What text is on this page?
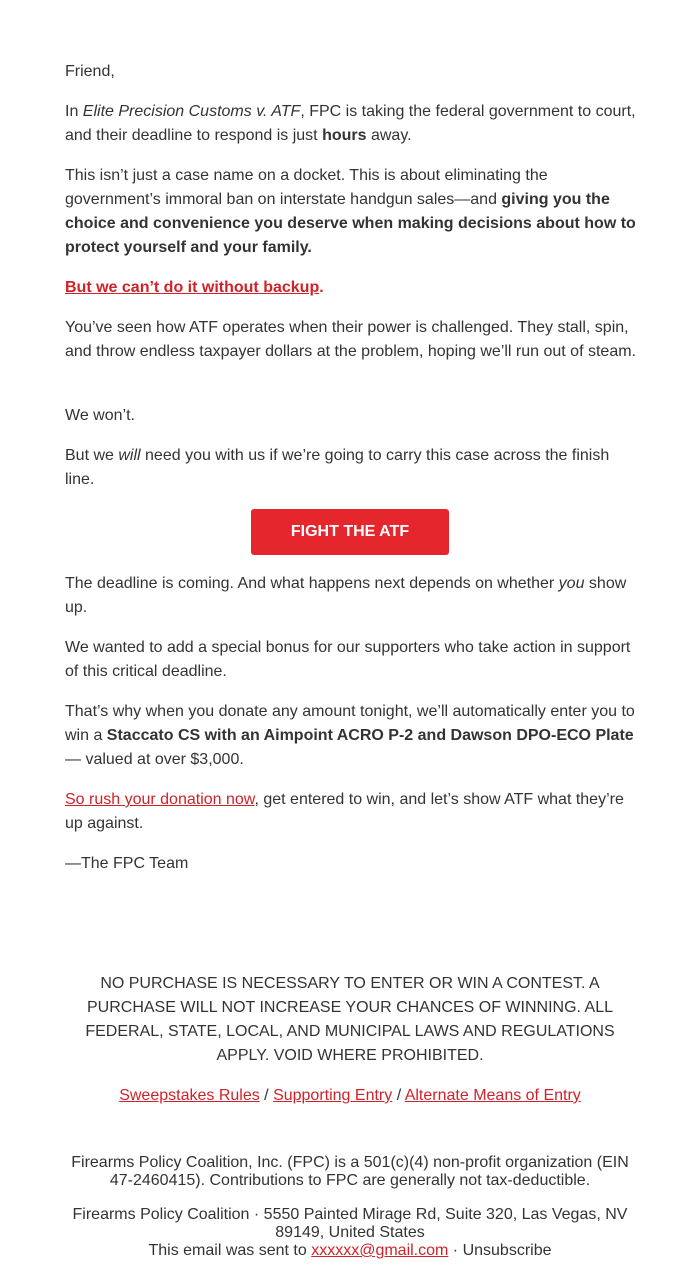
Friend,

In Elite Precision Customs v. ATF, FPC is taking the federal government to court, and their deadline to respond is just hours away.

This isn’t just a case name on a docket. This is about eliminating the government’s immoral ban on interstate handgun sales—and giving you the choice and convenience you deserve when making decisions about how to protect yourself and your family.

But we can’t do it without backup.

You’ve seen how ATF operates when their power is challenged. They stall, spin, and throw endless taxpayer dollars at the problem, hoping we’ll run out of steam.

We won’t.

But we will need you with us if we’re going to carry this case across the finish line.

The deadline is coming. And what happens next depends on whether you show up.

We wanted to add a special bonus for our supporters who take action in support of this critical deadline.

That’s why when you donate any amount tonight, we’ll automatically enter you to win a Staccato CS with an Aimpoint ACRO P-2 and Dawson DPO-ECO Plate — valued at over $3,000.

So rush your donation now, get entered to win, and let’s show ATF what they’re up against.

—The FPC Team

FIGHT THE ATF
NO PURCHASE IS NECESSARY TO ENTER OR WIN A CONTEST. A PURCHASE WILL NOT INCREASE YOUR CHANCES OF WINNING. ALL FEDERAL, STATE, LOCAL, AND MUNICIPAL LAWS AND REGULATIONS APPLY. VOID WHERE PROHIBITED.
Sweepstakes Rules / Supporting Entry / Alternate Means of Entry
Firearms Policy Coalition, Inc. (FPC) is a 501(c)(4) non-profit organization (EIN 47-2460415). Contributions to FPC are generally not tax-deductible.
Firearms Policy Coalition · 5550 Painted Mirage Rd, Suite 320, Las Vegas, NV 89149, United States
This email was sent to xxxxxx@gmail.com · Unsubscribe
